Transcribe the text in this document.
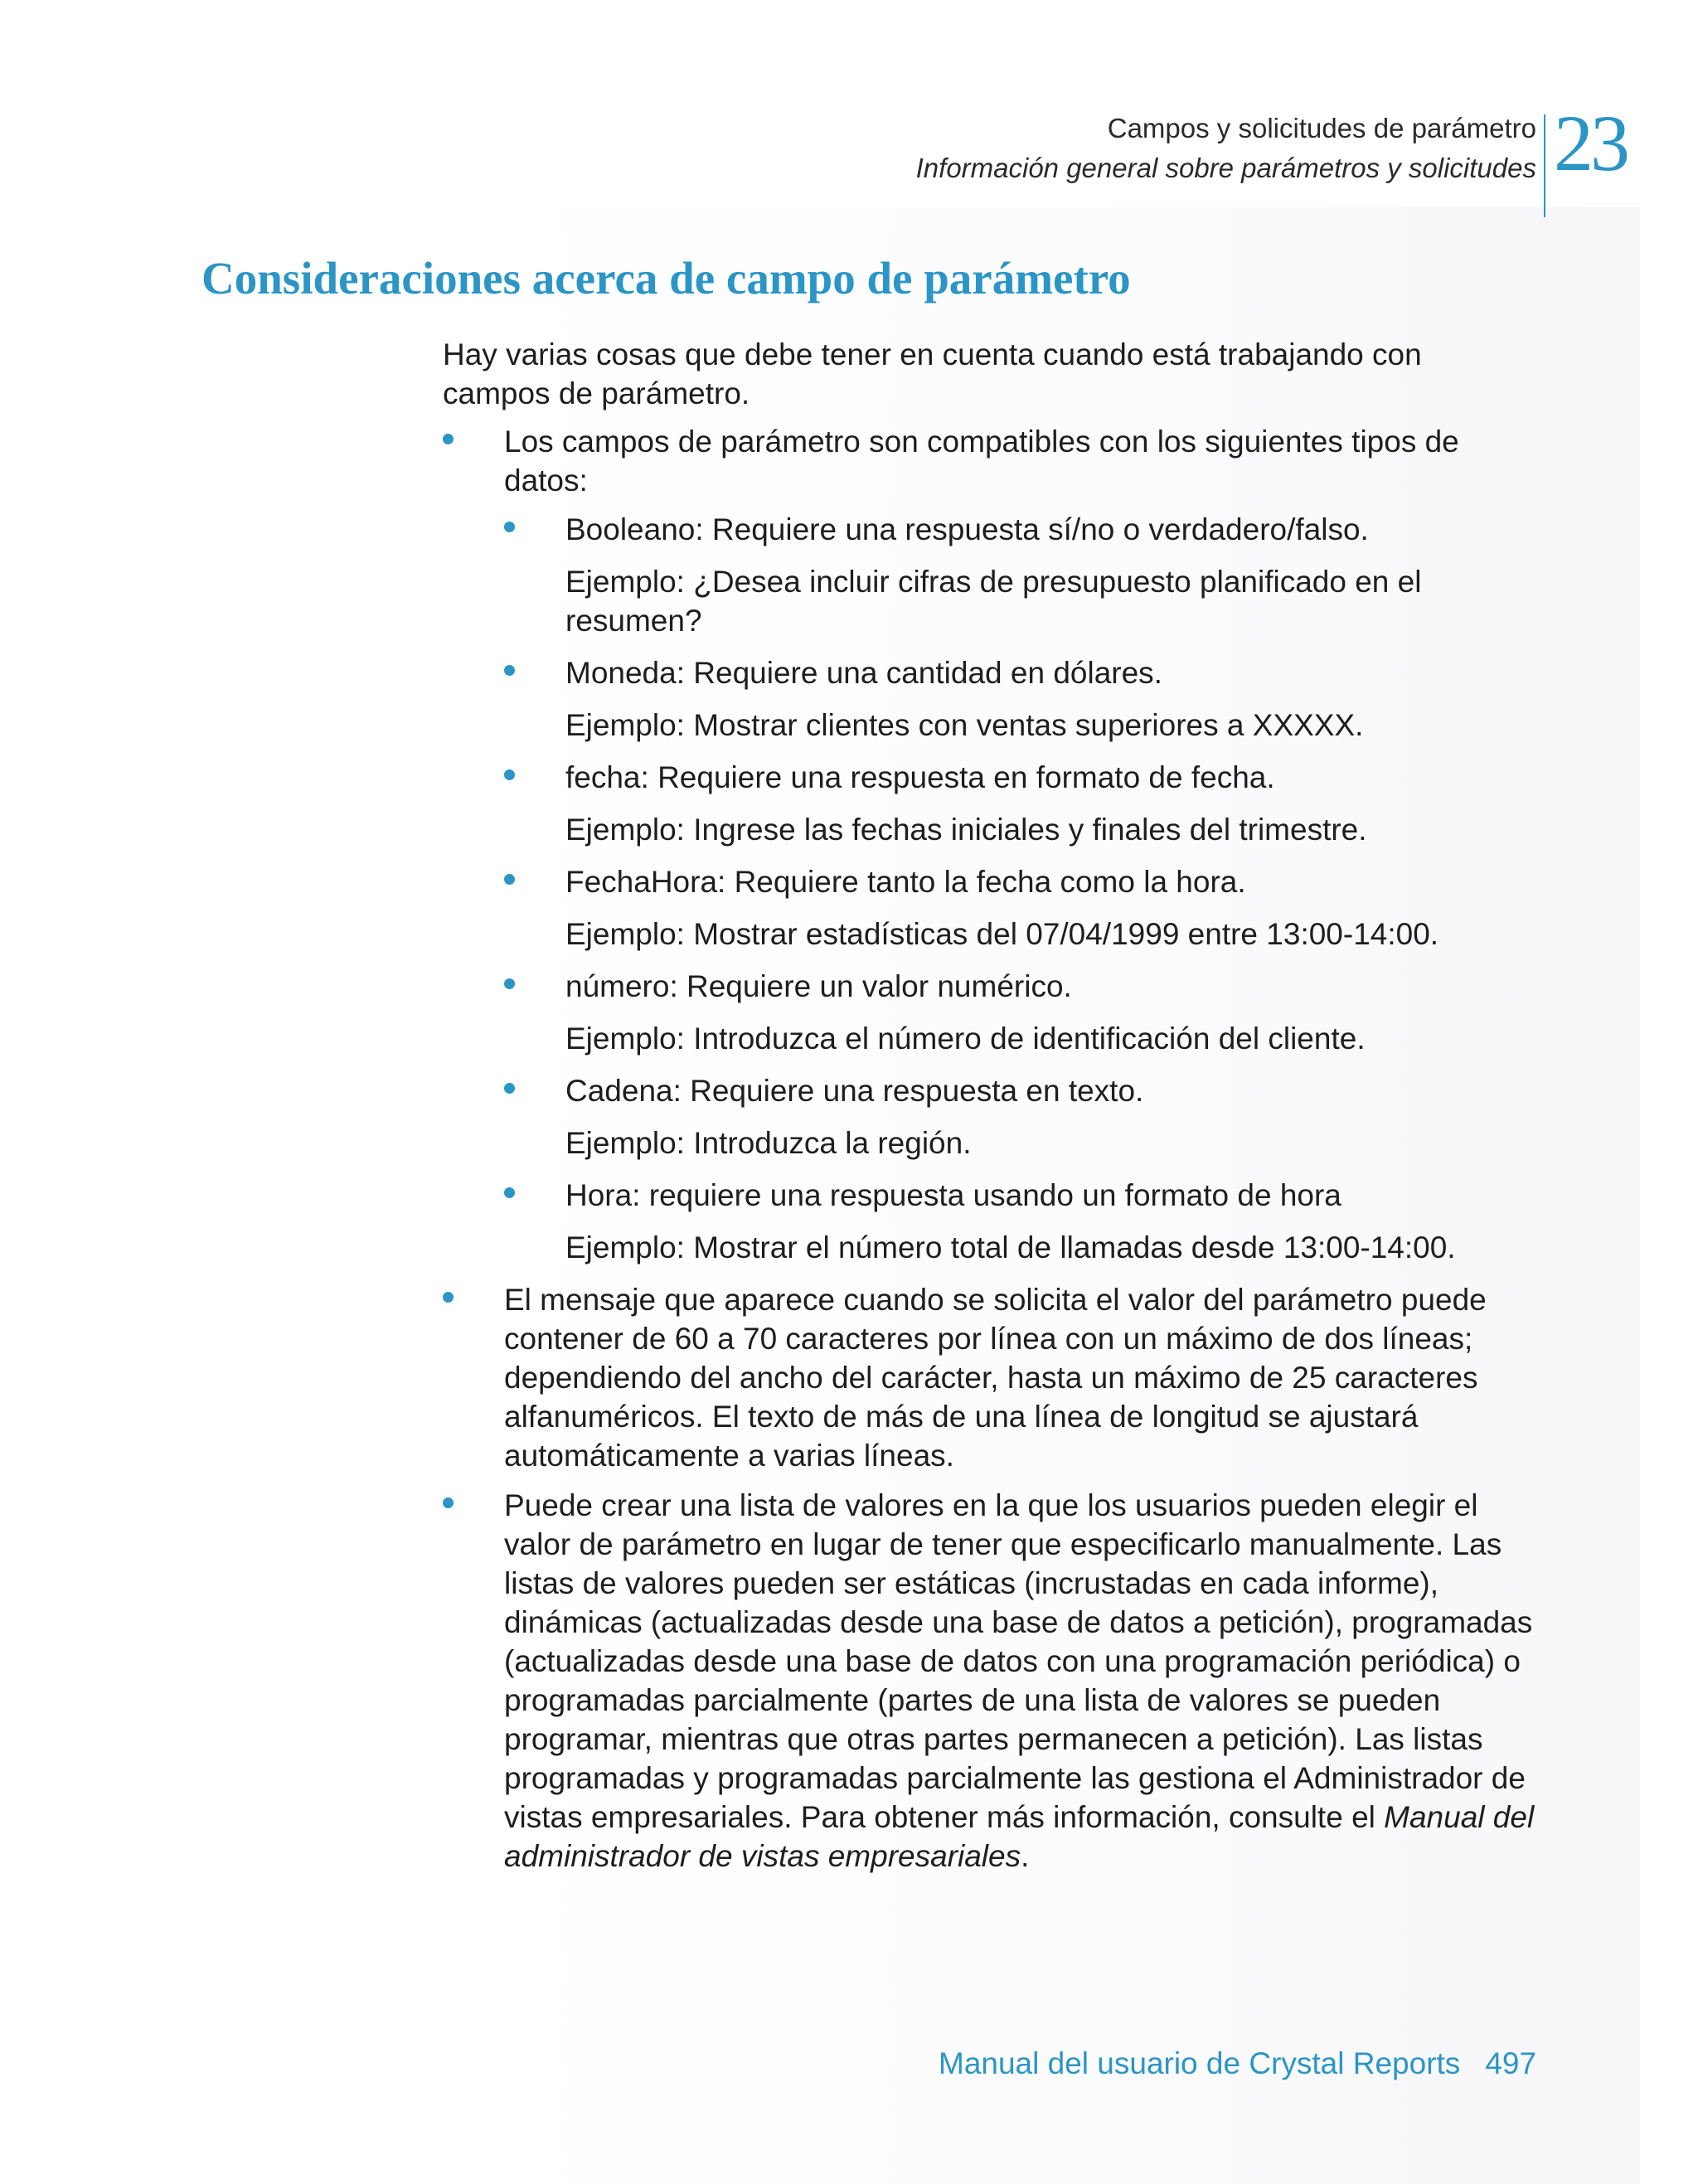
Campos y solicitudes de parámetro
Información general sobre parámetros y solicitudes 23
Consideraciones acerca de campo de parámetro

Hay varias cosas que debe tener en cuenta cuando está trabajando con campos de parámetro.

Los campos de parámetro son compatibles con los siguientes tipos de datos:
Booleano: Requiere una respuesta sí/no o verdadero/falso.
Ejemplo: ¿Desea incluir cifras de presupuesto planificado en el resumen?
Moneda: Requiere una cantidad en dólares.
Ejemplo: Mostrar clientes con ventas superiores a XXXXX.
fecha: Requiere una respuesta en formato de fecha.
Ejemplo: Ingrese las fechas iniciales y finales del trimestre.
FechaHora: Requiere tanto la fecha como la hora.
Ejemplo: Mostrar estadísticas del 07/04/1999 entre 13:00-14:00.
número: Requiere un valor numérico.
Ejemplo: Introduzca el número de identificación del cliente.
Cadena: Requiere una respuesta en texto.
Ejemplo: Introduzca la región.
Hora: requiere una respuesta usando un formato de hora
Ejemplo: Mostrar el número total de llamadas desde 13:00-14:00.
El mensaje que aparece cuando se solicita el valor del parámetro puede contener de 60 a 70 caracteres por línea con un máximo de dos líneas; dependiendo del ancho del carácter, hasta un máximo de 25 caracteres alfanuméricos. El texto de más de una línea de longitud se ajustará automáticamente a varias líneas.
Puede crear una lista de valores en la que los usuarios pueden elegir el valor de parámetro en lugar de tener que especificarlo manualmente. Las listas de valores pueden ser estáticas (incrustadas en cada informe), dinámicas (actualizadas desde una base de datos a petición), programadas (actualizadas desde una base de datos con una programación periódica) o programadas parcialmente (partes de una lista de valores se pueden programar, mientras que otras partes permanecen a petición). Las listas programadas y programadas parcialmente las gestiona el Administrador de vistas empresariales. Para obtener más información, consulte el Manual del administrador de vistas empresariales.
Manual del usuario de Crystal Reports 497
